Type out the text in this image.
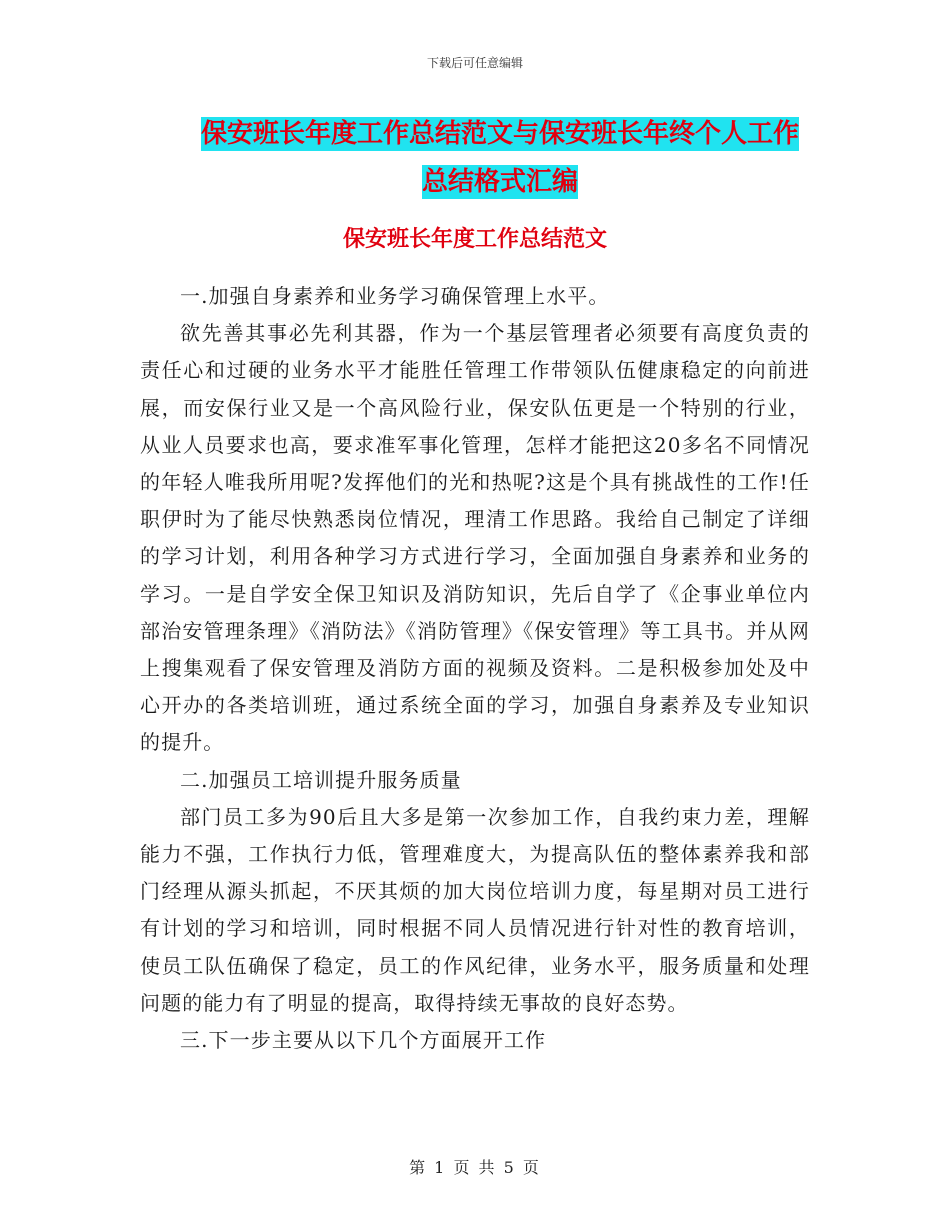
下载后可任意编辑
保安班长年度工作总结范文与保安班长年终个人工作
总结格式汇编
保安班长年度工作总结范文

一.加强自身素养和业务学习确保管理上水平。

欲先善其事必先利其器，作为一个基层管理者必须要有高度负责的责任心和过硬的业务水平才能胜任管理工作带领队伍健康稳定的向前进展，而安保行业又是一个高风险行业，保安队伍更是一个特别的行业，从业人员要求也高，要求准军事化管理，怎样才能把这20多名不同情况的年轻人唯我所用呢?发挥他们的光和热呢?这是个具有挑战性的工作!任职伊时为了能尽快熟悉岗位情况，理清工作思路。我给自己制定了详细的学习计划，利用各种学习方式进行学习，全面加强自身素养和业务的学习。一是自学安全保卫知识及消防知识，先后自学了《企事业单位内部治安管理条理》《消防法》《消防管理》《保安管理》等工具书。并从网上搜集观看了保安管理及消防方面的视频及资料。二是积极参加处及中心开办的各类培训班，通过系统全面的学习，加强自身素养及专业知识的提升。

二.加强员工培训提升服务质量

部门员工多为90后且大多是第一次参加工作，自我约束力差，理解能力不强，工作执行力低，管理难度大，为提高队伍的整体素养我和部门经理从源头抓起，不厌其烦的加大岗位培训力度，每星期对员工进行有计划的学习和培训，同时根据不同人员情况进行针对性的教育培训，使员工队伍确保了稳定，员工的作风纪律，业务水平，服务质量和处理问题的能力有了明显的提高，取得持续无事故的良好态势。

三.下一步主要从以下几个方面展开工作

第 1 页 共 5 页
